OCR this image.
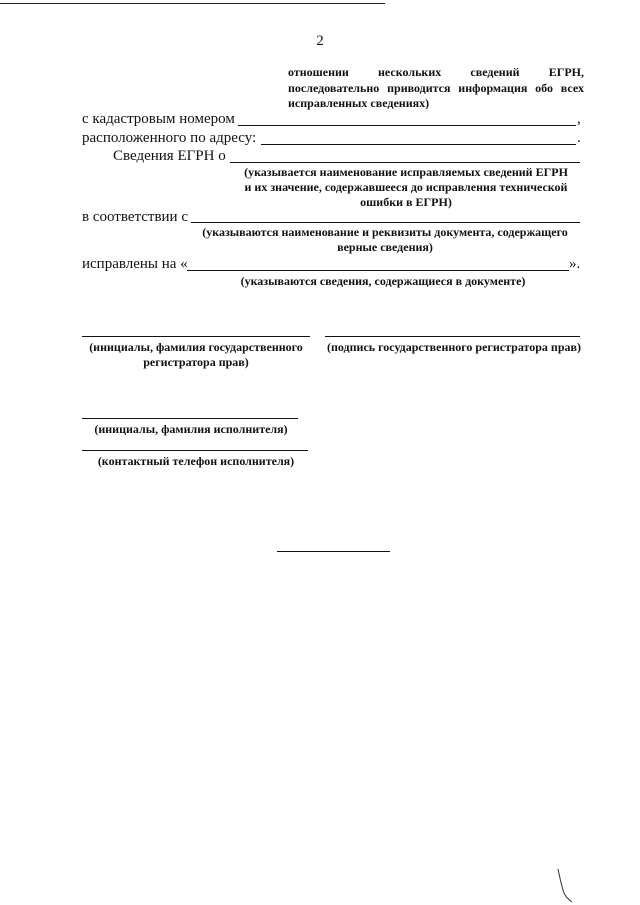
2
отношении нескольких сведений ЕГРН,
последовательно приводится информация обо всех
исправленных сведениях)
с кадастровым номером	,
расположенного по адресу:	.
Сведения ЕГРН о
(указывается наименование исправляемых сведений ЕГРН
и их значение, содержавшееся до исправления технической
ошибки в ЕГРН)
в соответствии с
(указываются наименование и реквизиты документа, содержащего
верные сведения)
исправлены на «	».
(указываются сведения, содержащиеся в документе)
(инициалы, фамилия государственного
регистратора прав)
(подпись государственного регистратора прав)
(инициалы, фамилия исполнителя)
(контактный телефон исполнителя)
